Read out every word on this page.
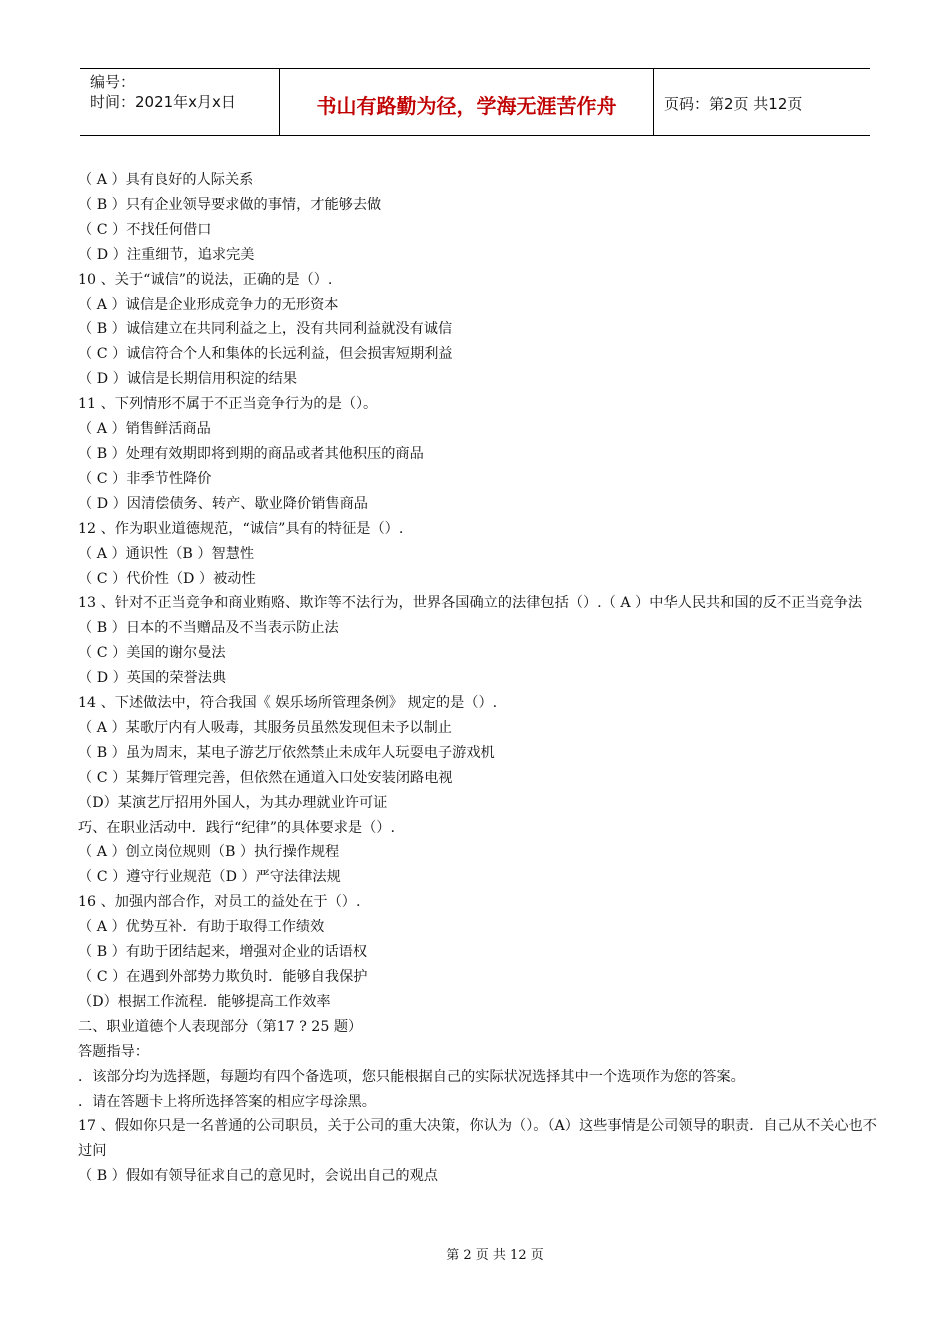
编号：
时间：2021年x月x日	书山有路勤为径，学海无涯苦作舟	页码：第2页 共12页
（ A ）具有良好的人际关系
（ B ）只有企业领导要求做的事情，才能够去做
（ C ）不找任何借口
（ D ）注重细节，追求完美
10 、关于“诚信”的说法，正确的是（）.
（ A ）诚信是企业形成竞争力的无形资本
（ B ）诚信建立在共同利益之上，没有共同利益就没有诚信
（ C ）诚信符合个人和集体的长远利益，但会损害短期利益
（ D ）诚信是长期信用积淀的结果
11 、下列情形不属于不正当竞争行为的是（）。
（ A ）销售鲜活商品
（ B ）处理有效期即将到期的商品或者其他积压的商品
（ C ）非季节性降价
（ D ）因清偿债务、转产、歇业降价销售商品
12 、作为职业道德规范，“诚信”具有的特征是（）.
（ A ）通识性（B ）智慧性
（ C ）代价性（D ）被动性
13 、针对不正当竞争和商业贿赂、欺诈等不法行为，世界各国确立的法律包括（）.（ A ）中华人民共和国的反不正当竞争法
（ B ）日本的不当赠品及不当表示防止法
（ C ）美国的谢尔曼法
（ D ）英国的荣誉法典
14 、下述做法中，符合我国《 娱乐场所管理条例》 规定的是（）.
（ A ）某歌厅内有人吸毒，其服务员虽然发现但未予以制止
（ B ）虽为周末，某电子游艺厅依然禁止未成年人玩耍电子游戏机
（ C ）某舞厅管理完善，但依然在通道入口处安装闭路电视
（D）某演艺厅招用外国人，为其办理就业许可证
巧、在职业活动中．践行“纪律”的具体要求是（）.
（ A ）创立岗位规则（B ）执行操作规程
（ C ）遵守行业规范（D ）严守法律法规
16 、加强内部合作，对员工的益处在于（）.
（ A ）优势互补．有助于取得工作绩效
（ B ）有助于团结起来，增强对企业的话语权
（ C ）在遇到外部势力欺负时．能够自我保护
（D）根据工作流程．能够提高工作效率
二、职业道德个人表现部分（第17 ? 25 题）
答题指导：
．该部分均为选择题，每题均有四个备选项，您只能根据自己的实际状况选择其中一个选项作为您的答案。
．请在答题卡上将所选择答案的相应字母涂黑。
17 、假如你只是一名普通的公司职员，关于公司的重大决策，你认为（）。（A）这些事情是公司领导的职责．自己从不关心也不过问
（ B ）假如有领导征求自己的意见时，会说出自己的观点
第 2 页 共 12 页
